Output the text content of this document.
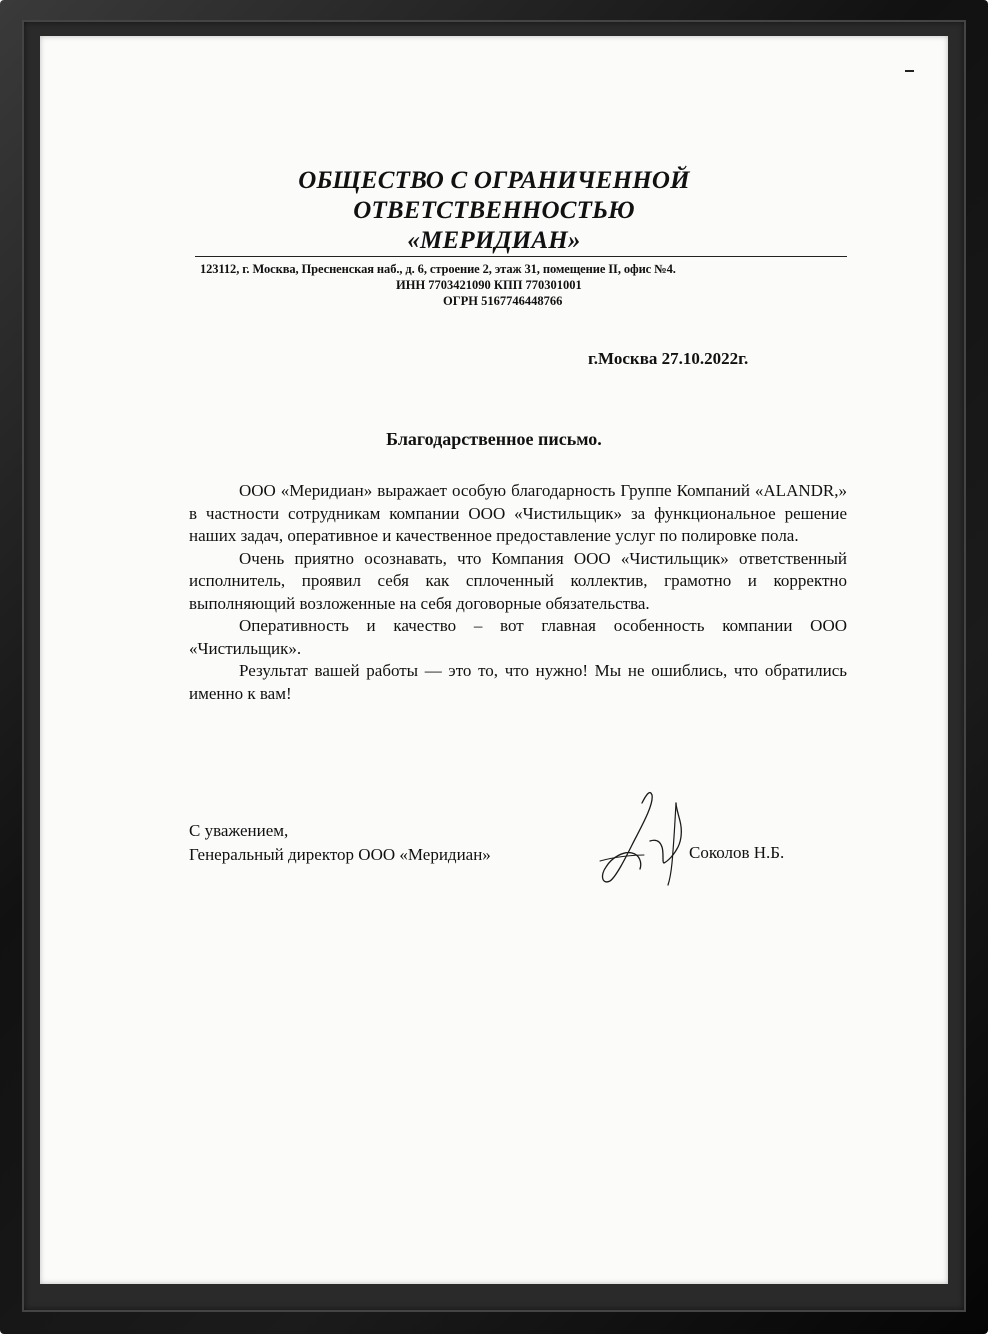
ОБЩЕСТВО С ОГРАНИЧЕННОЙ
ОТВЕТСТВЕННОСТЬЮ
«МЕРИДИАН»
123112, г. Москва, Пресненская наб., д. 6, строение 2, этаж 31, помещение II, офис №4.
ИНН 7703421090 КПП 770301001
ОГРН 5167746448766
г.Москва 27.10.2022г.
Благодарственное письмо.

ООО «Меридиан» выражает особую благодарность Группе Компаний «ALANDR,» в частности сотрудникам компании ООО «Чистильщик» за функциональное решение наших задач, оперативное и качественное предоставление услуг по полировке пола.

Очень приятно осознавать, что Компания ООО «Чистильщик» ответственный исполнитель, проявил себя как сплоченный коллектив, грамотно и корректно выполняющий возложенные на себя договорные обязательства.

Оперативность и качество – вот главная особенность компании ООО «Чистильщик».

Результат вашей работы — это то, что нужно! Мы не ошиблись, что обратились именно к вам!

С уважением,
Генеральный директор ООО «Меридиан»	Соколов Н.Б.
